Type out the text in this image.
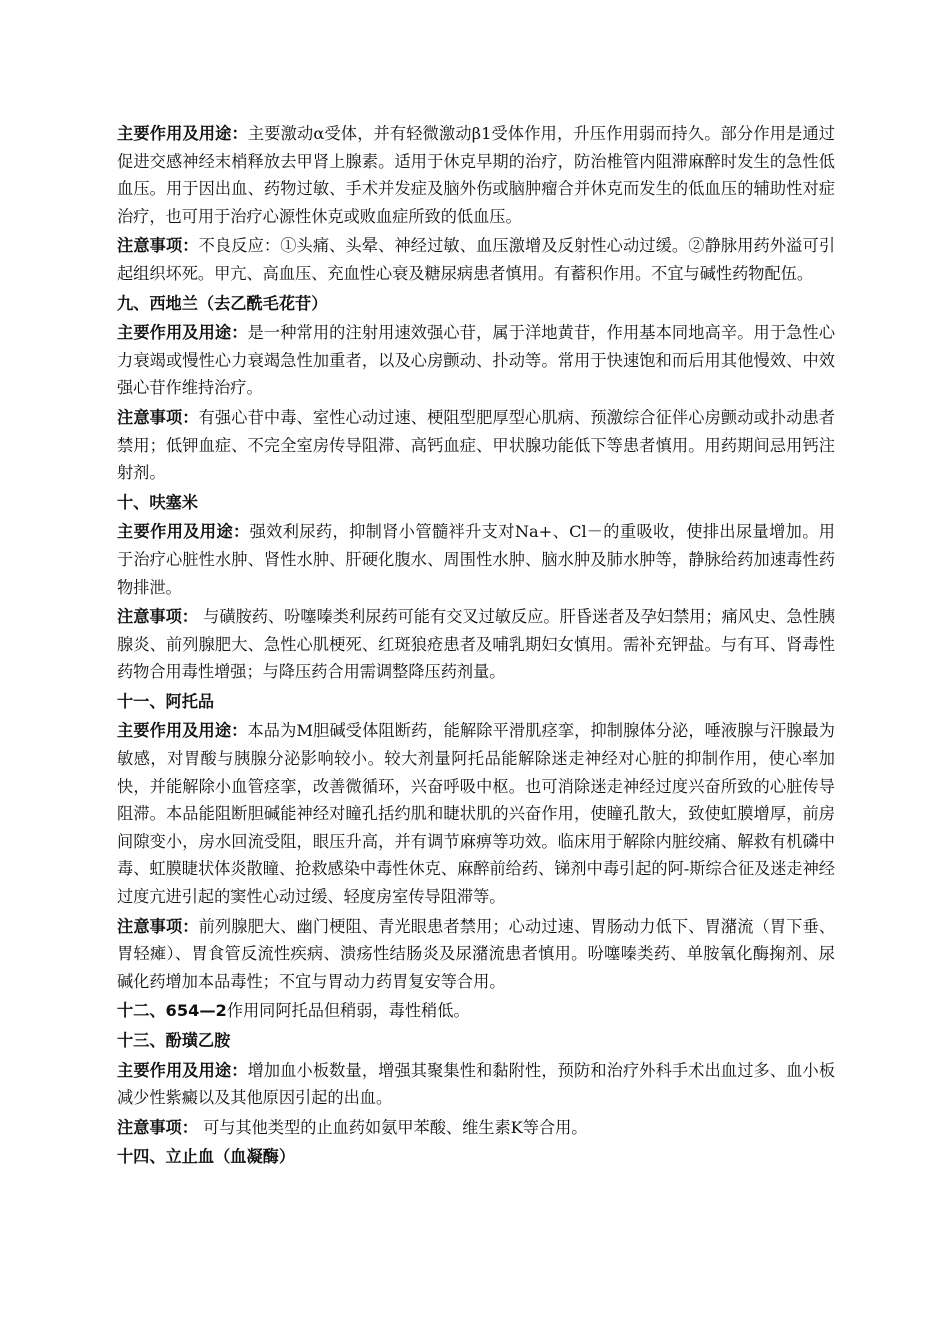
主要作用及用途：主要激动α受体，并有轻微激动β1受体作用，升压作用弱而持久。部分作用是通过促进交感神经末梢释放去甲肾上腺素。适用于休克早期的治疗，防治椎管内阻滞麻醉时发生的急性低血压。用于因出血、药物过敏、手术并发症及脑外伤或脑肿瘤合并休克而发生的低血压的辅助性对症治疗，也可用于治疗心源性休克或败血症所致的低血压。

注意事项：不良反应：①头痛、头晕、神经过敏、血压激增及反射性心动过缓。②静脉用药外溢可引起组织坏死。甲亢、高血压、充血性心衰及糖尿病患者慎用。有蓄积作用。不宜与碱性药物配伍。

九、西地兰（去乙酰毛花苷）

主要作用及用途：是一种常用的注射用速效强心苷，属于洋地黄苷，作用基本同地高辛。用于急性心力衰竭或慢性心力衰竭急性加重者，以及心房颤动、扑动等。常用于快速饱和而后用其他慢效、中效强心苷作维持治疗。

注意事项：有强心苷中毒、室性心动过速、梗阻型肥厚型心肌病、预激综合征伴心房颤动或扑动患者禁用；低钾血症、不完全室房传导阻滞、高钙血症、甲状腺功能低下等患者慎用。用药期间忌用钙注射剂。

十、呋塞米

主要作用及用途：强效利尿药，抑制肾小管髓袢升支对Na+、Cl－的重吸收，使排出尿量增加。用于治疗心脏性水肿、肾性水肿、肝硬化腹水、周围性水肿、脑水肿及肺水肿等，静脉给药加速毒性药物排泄。

注意事项： 与磺胺药、吩噻嗪类利尿药可能有交叉过敏反应。肝昏迷者及孕妇禁用；痛风史、急性胰腺炎、前列腺肥大、急性心肌梗死、红斑狼疮患者及哺乳期妇女慎用。需补充钾盐。与有耳、肾毒性药物合用毒性增强；与降压药合用需调整降压药剂量。

十一、阿托品

主要作用及用途：本品为M胆碱受体阻断药，能解除平滑肌痉挛，抑制腺体分泌，唾液腺与汗腺最为敏感，对胃酸与胰腺分泌影响较小。较大剂量阿托品能解除迷走神经对心脏的抑制作用，使心率加快，并能解除小血管痉挛，改善微循环，兴奋呼吸中枢。也可消除迷走神经过度兴奋所致的心脏传导阻滞。本品能阻断胆碱能神经对瞳孔括约肌和睫状肌的兴奋作用，使瞳孔散大，致使虹膜增厚，前房间隙变小，房水回流受阻，眼压升高，并有调节麻痹等功效。临床用于解除内脏绞痛、解救有机磷中毒、虹膜睫状体炎散瞳、抢救感染中毒性休克、麻醉前给药、锑剂中毒引起的阿-斯综合征及迷走神经过度亢进引起的窦性心动过缓、轻度房室传导阻滞等。

注意事项：前列腺肥大、幽门梗阻、青光眼患者禁用；心动过速、胃肠动力低下、胃潴流（胃下垂、胃轻瘫）、胃食管反流性疾病、溃疡性结肠炎及尿潴流患者慎用。吩噻嗪类药、单胺氧化酶掬剂、尿碱化药增加本品毒性；不宜与胃动力药胃复安等合用。

十二、654—2作用同阿托品但稍弱，毒性稍低。
十三、酚璜乙胺

主要作用及用途：增加血小板数量，增强其聚集性和黏附性，预防和治疗外科手术出血过多、血小板减少性紫癜以及其他原因引起的出血。

注意事项： 可与其他类型的止血药如氨甲苯酸、维生素K等合用。

十四、立止血（血凝酶）
